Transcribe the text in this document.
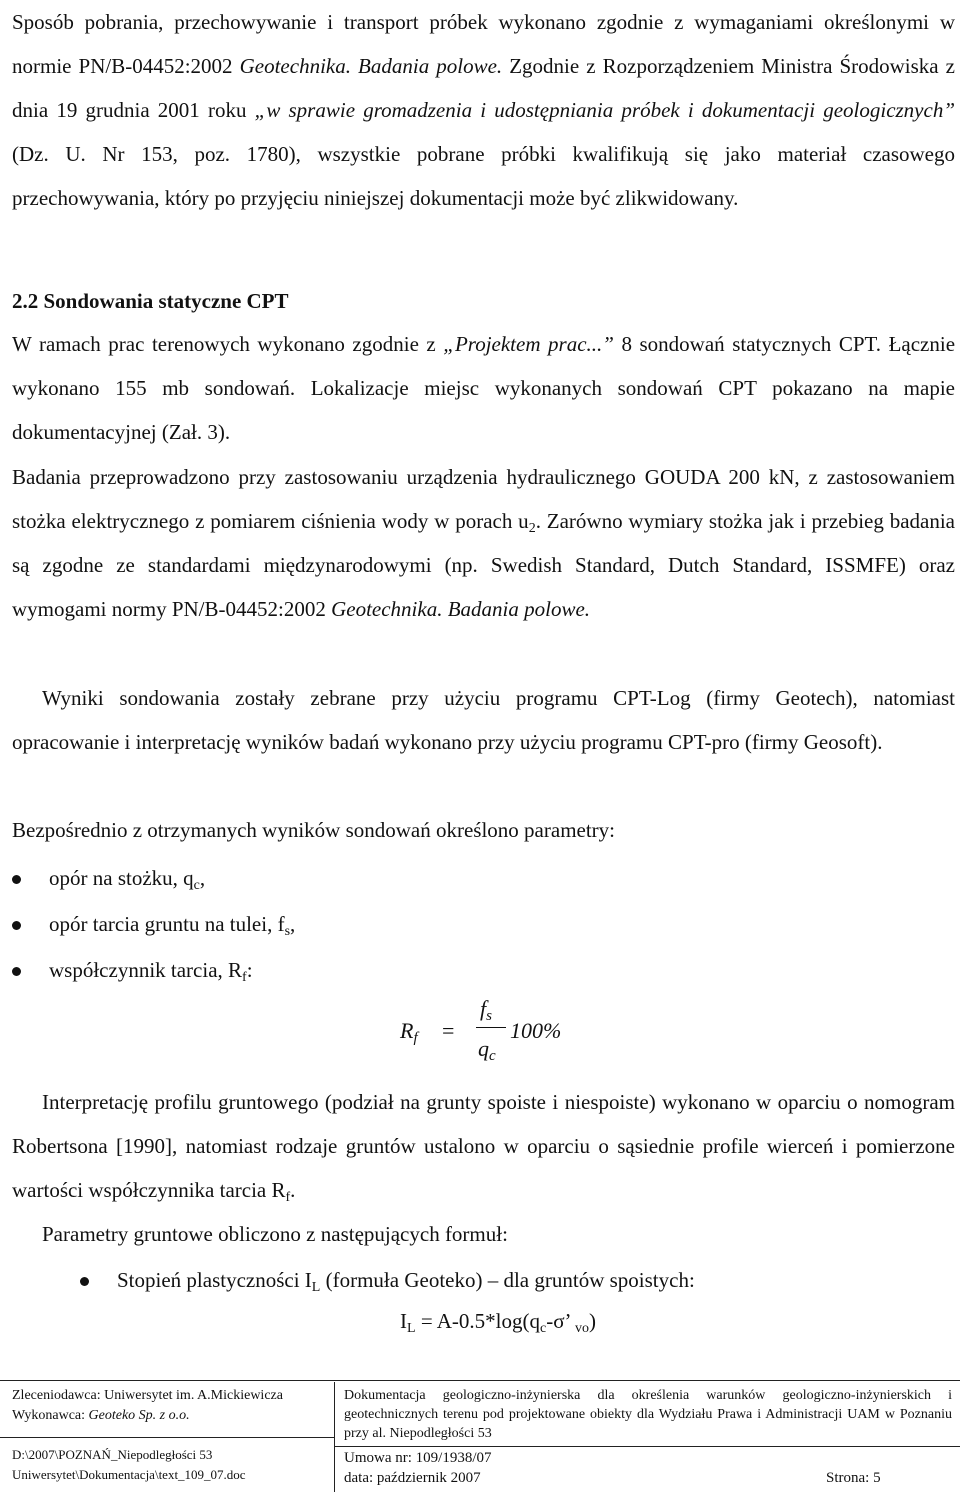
Sposób pobrania, przechowywanie i transport próbek wykonano zgodnie z wymaganiami określonymi w normie PN/B-04452:2002 Geotechnika. Badania polowe. Zgodnie z Rozporządzeniem Ministra Środowiska z dnia 19 grudnia 2001 roku „w sprawie gromadzenia i udostępniania próbek i dokumentacji geologicznych” (Dz. U. Nr 153, poz. 1780), wszystkie pobrane próbki kwalifikują się jako materiał czasowego przechowywania, który po przyjęciu niniejszej dokumentacji może być zlikwidowany.

2.2 Sondowania statyczne CPT

W ramach prac terenowych wykonano zgodnie z „Projektem prac...” 8 sondowań statycznych CPT. Łącznie wykonano 155 mb sondowań. Lokalizacje miejsc wykonanych sondowań CPT pokazano na mapie dokumentacyjnej (Zał. 3).

Badania przeprowadzono przy zastosowaniu urządzenia hydraulicznego GOUDA 200 kN, z zastosowaniem stożka elektrycznego z pomiarem ciśnienia wody w porach $u_2$. Zarówno wymiary stożka jak i przebieg badania są zgodne ze standardami międzynarodowymi (np. Swedish Standard, Dutch Standard, ISSMFE) oraz wymogami normy PN/B-04452:2002 Geotechnika. Badania polowe.

Wyniki sondowania zostały zebrane przy użyciu programu CPT-Log (firmy Geotech), natomiast opracowanie i interpretację wyników badań wykonano przy użyciu programu CPT-pro (firmy Geosoft).

Bezpośrednio z otrzymanych wyników sondowań określono parametry:

opór na stożku, $q_c$,
opór tarcia gruntu na tulei, $f_s$,
współczynnik tarcia, $R_f$:
$R_f$ =
$f_s$
$q_c$
100%

Interpretację profilu gruntowego (podział na grunty spoiste i niespoiste) wykonano w oparciu o nomogram Robertsona [1990], natomiast rodzaje gruntów ustalono w oparciu o sąsiednie profile wierceń i pomierzone wartości współczynnika tarcia $R_f$.

Parametry gruntowe obliczono z następujących formuł:

Stopień plastyczności $I_L$ (formuła Geoteko) – dla gruntów spoistych:
$I_L = A-0.5*\log(q_c-\sigma$’ $_{vo}$)
Zleceniodawca: Uniwersytet im. A.Mickiewicza
Wykonawca: Geoteko Sp. z o.o.
D:\2007\POZNAŃ_Niepodległości 53
Uniwersytet\Dokumentacja\text_109_07.doc
Dokumentacja geologiczno-inżynierska dla określenia warunków geologiczno-inżynierskich i geotechnicznych terenu pod projektowane obiekty dla Wydziału Prawa i Administracji UAM w Poznaniu przy al. Niepodległości 53
Umowa nr: 109/1938/07
data: październik 2007	Strona: 5
